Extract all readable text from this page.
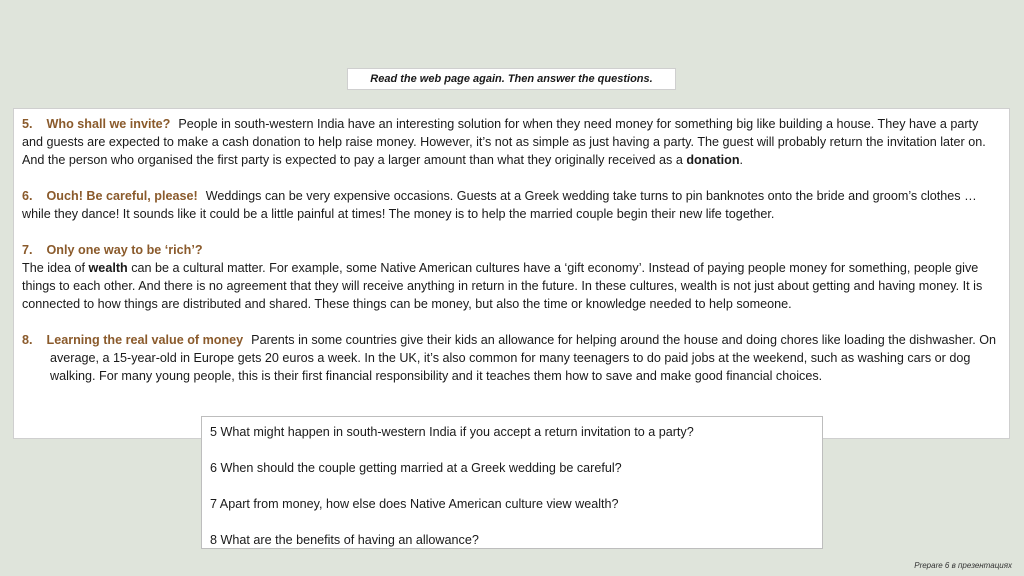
Read the web page again. Then answer the questions.

5. Who shall we invite? People in south-western India have an interesting solution for when they need money for something big like building a house. They have a party and guests are expected to make a cash donation to help raise money. However, it’s not as simple as just having a party. The guest will probably return the invitation later on. And the person who organised the first party is expected to pay a larger amount than what they originally received as a donation.

6. Ouch! Be careful, please! Weddings can be very expensive occasions. Guests at a Greek wedding take turns to pin banknotes onto the bride and groom’s clothes … while they dance! It sounds like it could be a little painful at times! The money is to help the married couple begin their new life together.

7. Only one way to be ‘rich’?
The idea of wealth can be a cultural matter. For example, some Native American cultures have a ‘gift economy’. Instead of paying people money for something, people give things to each other. And there is no agreement that they will receive anything in return in the future. In these cultures, wealth is not just about getting and having money. It is connected to how things are distributed and shared. These things can be money, but also the time or knowledge needed to help someone.

8. Learning the real value of money Parents in some countries give their kids an allowance for helping around the house and doing chores like loading the dishwasher. On average, a 15-year-old in Europe gets 20 euros a week. In the UK, it’s also common for many teenagers to do paid jobs at the weekend, such as washing cars or dog walking. For many young people, this is their first financial responsibility and it teaches them how to save and make good financial choices.

5 What might happen in south-western India if you accept a return invitation to a party?
6 When should the couple getting married at a Greek wedding be careful?
7 Apart from money, how else does Native American culture view wealth?
8 What are the benefits of having an allowance?
Prepare 6 в презентациях
